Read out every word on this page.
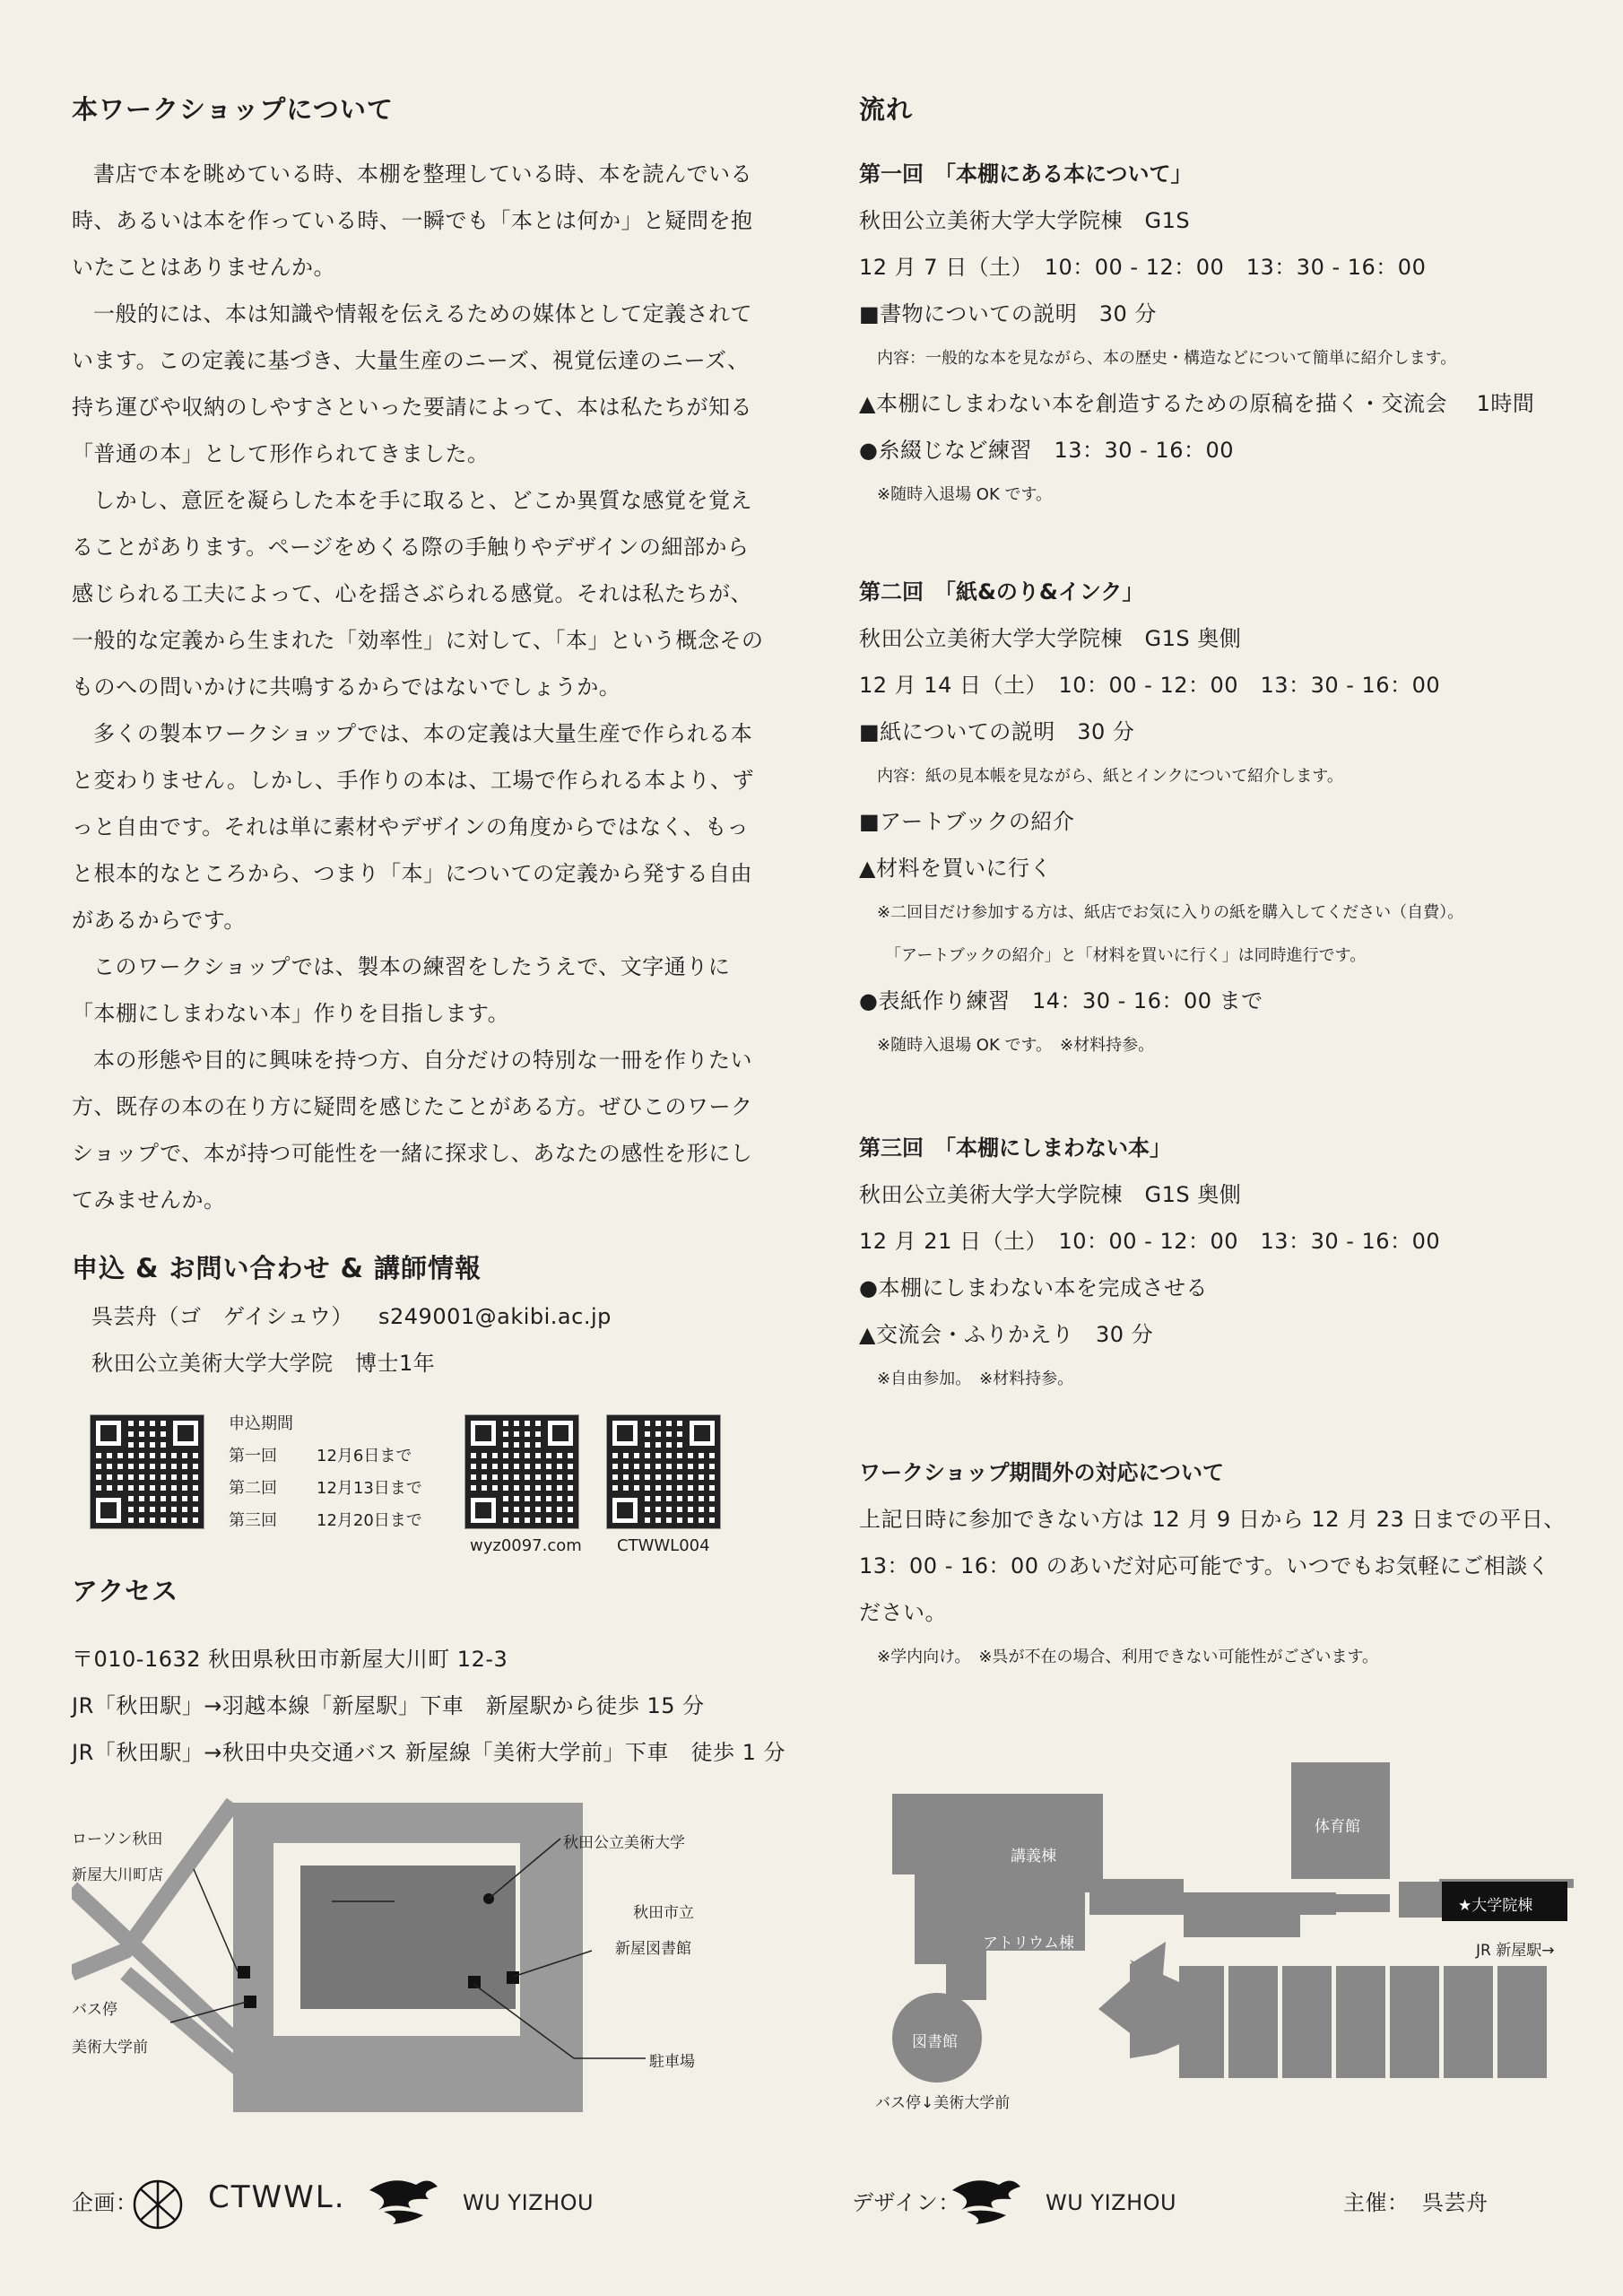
本ワークショップについて

書店で本を眺めている時、本棚を整理している時、本を読んでいる時、あるいは本を作っている時、一瞬でも「本とは何か」と疑問を抱いたことはありませんか。

一般的には、本は知識や情報を伝えるための媒体として定義されています。この定義に基づき、大量生産のニーズ、視覚伝達のニーズ、持ち運びや収納のしやすさといった要請によって、本は私たちが知る「普通の本」として形作られてきました。

しかし、意匠を凝らした本を手に取ると、どこか異質な感覚を覚えることがあります。ページをめくる際の手触りやデザインの細部から感じられる工夫によって、心を揺さぶられる感覚。それは私たちが、一般的な定義から生まれた「効率性」に対して、「本」という概念そのものへの問いかけに共鳴するからではないでしょうか。

多くの製本ワークショップでは、本の定義は大量生産で作られる本と変わりません。しかし、手作りの本は、工場で作られる本より、ずっと自由です。それは単に素材やデザインの角度からではなく、もっと根本的なところから、つまり「本」についての定義から発する自由があるからです。

このワークショップでは、製本の練習をしたうえで、文字通りに「本棚にしまわない本」作りを目指します。

本の形態や目的に興味を持つ方、自分だけの特別な一冊を作りたい方、既存の本の在り方に疑問を感じたことがある方。ぜひこのワークショップで、本が持つ可能性を一緒に探求し、あなたの感性を形にしてみませんか。

申込 & お問い合わせ & 講師情報
呉芸舟（ゴ　ゲイシュウ） s249001@akibi.ac.jp
秋田公立美術大学大学院　博士1年
申込期間
第一回 12月6日まで
第二回 12月13日まで
第三回 12月20日まで
wyz0097.com CTWWL004
アクセス
〒010-1632 秋田県秋田市新屋大川町 12-3
JR「秋田駅」→羽越本線「新屋駅」下車　新屋駅から徒歩 15 分
JR「秋田駅」→秋田中央交通バス 新屋線「美術大学前」下車　徒歩 1 分
ローソン秋田
新屋大川町店
バス停
美術大学前
秋田公立美術大学
秋田市立
新屋図書館
駐車場
流れ
第一回　「本棚にある本について」
秋田公立美術大学大学院棟　G1S
12 月 7 日（土）　10：00 - 12：00　13：30 - 16：00
■書物についての説明　30 分
内容：一般的な本を見ながら、本の歴史・構造などについて簡単に紹介します。
▲本棚にしまわない本を創造するための原稿を描く・交流会　 1時間
●糸綴じなど練習　13：30 - 16：00
※随時入退場 OK です。
第二回　「紙&のり&インク」
秋田公立美術大学大学院棟　G1S 奥側
12 月 14 日（土）　10：00 - 12：00　13：30 - 16：00
■紙についての説明　30 分
内容：紙の見本帳を見ながら、紙とインクについて紹介します。
■アートブックの紹介
▲材料を買いに行く
※二回目だけ参加する方は、紙店でお気に入りの紙を購入してください（自費）。
　「アートブックの紹介」と「材料を買いに行く」は同時進行です。
●表紙作り練習　14：30 - 16：00 まで
※随時入退場 OK です。　※材料持参。
第三回　「本棚にしまわない本」
秋田公立美術大学大学院棟　G1S 奥側
12 月 21 日（土）　10：00 - 12：00　13：30 - 16：00
●本棚にしまわない本を完成させる
▲交流会・ふりかえり　30 分
※自由参加。　※材料持参。
ワークショップ期間外の対応について
上記日時に参加できない方は 12 月 9 日から 12 月 23 日までの平日、
13：00 - 16：00 のあいだ対応可能です。いつでもお気軽にご相談く
ださい。
※学内向け。　※呉が不在の場合、利用できない可能性がございます。
講義棟
体育館
アトリウム棟
図書館
★大学院棟
JR 新屋駅→
バス停↓美術大学前
企画： CTWWL.	WU YIZHOU	デザイン：	WU YIZHOU	主催： 呉芸舟
